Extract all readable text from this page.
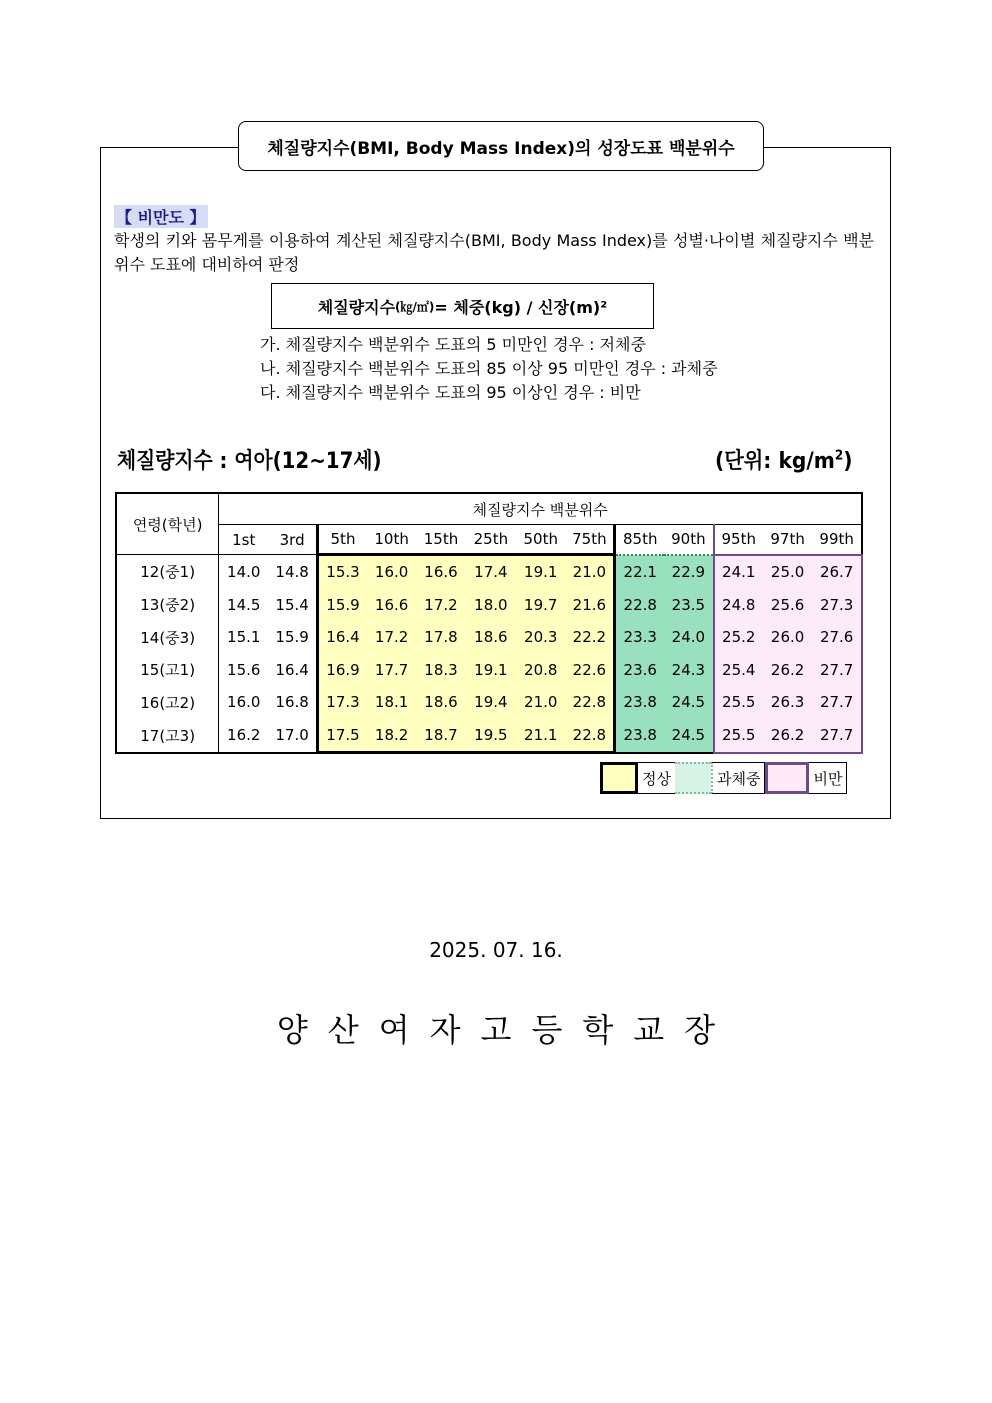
체질량지수(BMI, Body Mass Index)의 성장도표 백분위수
【 비만도 】
학생의 키와 몸무게를 이용하여 계산된 체질량지수(BMI, Body Mass Index)를 성별·나이별 체질량지수 백분위수 도표에 대비하여 판정
체질량지수 (㎏/㎡) = 체중(kg) / 신장(m)²
가. 체질량지수 백분위수 도표의 5 미만인 경우 : 저체중
나. 체질량지수 백분위수 도표의 85 이상 95 미만인 경우 : 과체중
다. 체질량지수 백분위수 도표의 95 이상인 경우 : 비만
체질량지수 : 여아(12~17세)	(단위: $kg/m^2$)
연령(학년)	체질량지수 백분위수												
	1st	3rd	5th	10th	15th	25th	50th	75th	85th	90th	95th	97th	99th
12(중1)	14.0	14.8	15.3	16.0	16.6	17.4	19.1	21.0	22.1	22.9	24.1	25.0	26.7
13(중2)	14.5	15.4	15.9	16.6	17.2	18.0	19.7	21.6	22.8	23.5	24.8	25.6	27.3
14(중3)	15.1	15.9	16.4	17.2	17.8	18.6	20.3	22.2	23.3	24.0	25.2	26.0	27.6
15(고1)	15.6	16.4	16.9	17.7	18.3	19.1	20.8	22.6	23.6	24.3	25.4	26.2	27.7
16(고2)	16.0	16.8	17.3	18.1	18.6	19.4	21.0	22.8	23.8	24.5	25.5	26.3	27.7
17(고3)	16.2	17.0	17.5	18.2	18.7	19.5	21.1	22.8	23.8	24.5	25.5	26.2	27.7
정상	과체중	비만
2025. 07. 16.
양산여자고등학교장
